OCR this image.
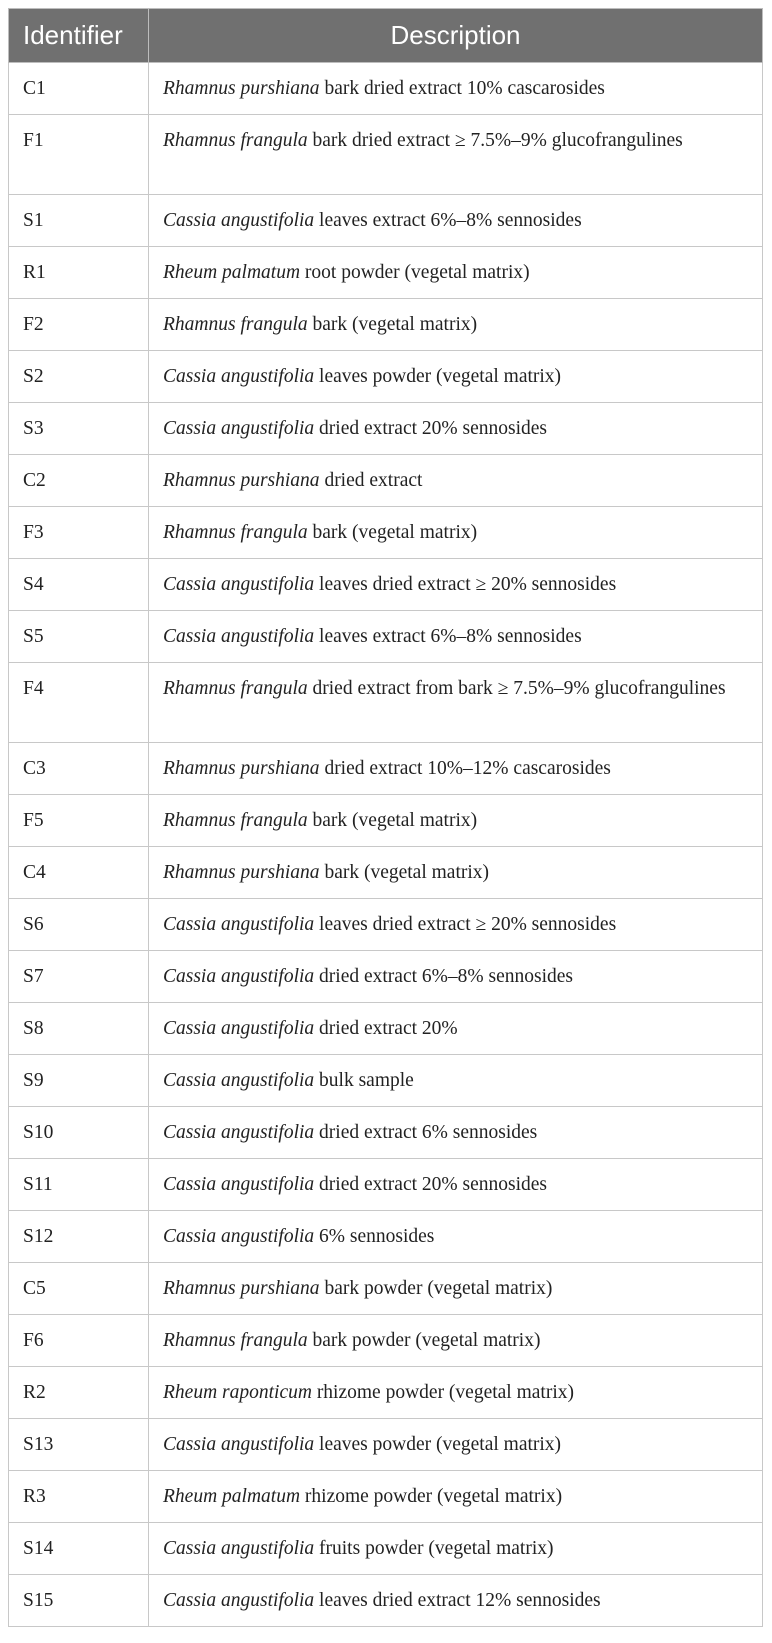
Identifier	Description
C1	Rhamnus purshiana bark dried extract 10% cascarosides
F1	Rhamnus frangula bark dried extract ≥ 7.5%–9% glucofrangulines
S1	Cassia angustifolia leaves extract 6%–8% sennosides
R1	Rheum palmatum root powder (vegetal matrix)
F2	Rhamnus frangula bark (vegetal matrix)
S2	Cassia angustifolia leaves powder (vegetal matrix)
S3	Cassia angustifolia dried extract 20% sennosides
C2	Rhamnus purshiana dried extract
F3	Rhamnus frangula bark (vegetal matrix)
S4	Cassia angustifolia leaves dried extract ≥ 20% sennosides
S5	Cassia angustifolia leaves extract 6%–8% sennosides
F4	Rhamnus frangula dried extract from bark ≥ 7.5%–9% glucofrangulines
C3	Rhamnus purshiana dried extract 10%–12% cascarosides
F5	Rhamnus frangula bark (vegetal matrix)
C4	Rhamnus purshiana bark (vegetal matrix)
S6	Cassia angustifolia leaves dried extract ≥ 20% sennosides
S7	Cassia angustifolia dried extract 6%–8% sennosides
S8	Cassia angustifolia dried extract 20%
S9	Cassia angustifolia bulk sample
S10	Cassia angustifolia dried extract 6% sennosides
S11	Cassia angustifolia dried extract 20% sennosides
S12	Cassia angustifolia 6% sennosides
C5	Rhamnus purshiana bark powder (vegetal matrix)
F6	Rhamnus frangula bark powder (vegetal matrix)
R2	Rheum raponticum rhizome powder (vegetal matrix)
S13	Cassia angustifolia leaves powder (vegetal matrix)
R3	Rheum palmatum rhizome powder (vegetal matrix)
S14	Cassia angustifolia fruits powder (vegetal matrix)
S15	Cassia angustifolia leaves dried extract 12% sennosides
